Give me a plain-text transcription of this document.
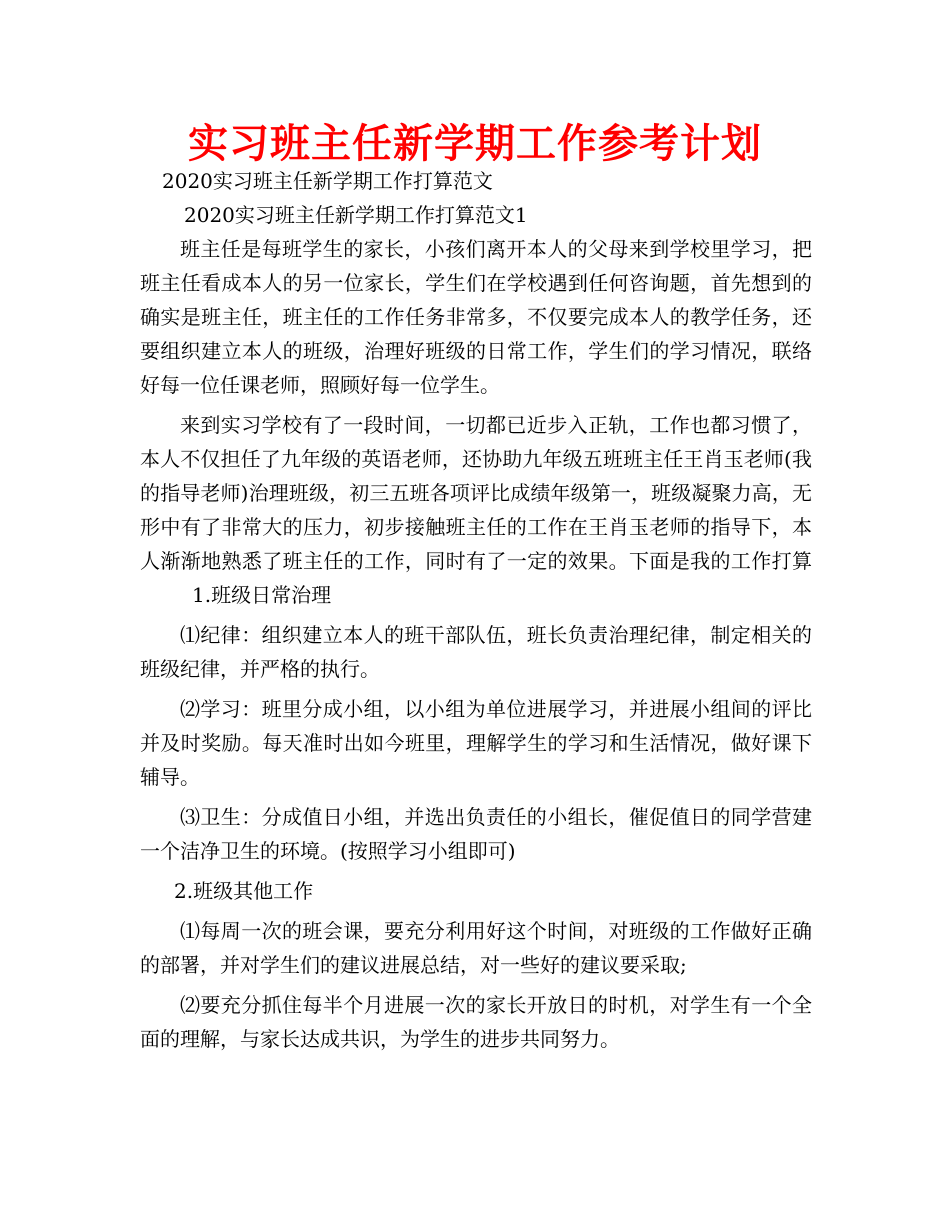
实习班主任新学期工作参考计划

2020实习班主任新学期工作打算范文

2020实习班主任新学期工作打算范文1

班主任是每班学生的家长，小孩们离开本人的父母来到学校里学习，把班主任看成本人的另一位家长，学生们在学校遇到任何咨询题，首先想到的确实是班主任，班主任的工作任务非常多，不仅要完成本人的教学任务，还要组织建立本人的班级，治理好班级的日常工作，学生们的学习情况，联络好每一位任课老师，照顾好每一位学生。

来到实习学校有了一段时间，一切都已近步入正轨，工作也都习惯了，本人不仅担任了九年级的英语老师，还协助九年级五班班主任王肖玉老师(我的指导老师)治理班级，初三五班各项评比成绩年级第一，班级凝聚力高，无形中有了非常大的压力，初步接触班主任的工作在王肖玉老师的指导下，本人渐渐地熟悉了班主任的工作，同时有了一定的效果。下面是我的工作打算1.班级日常治理

⑴纪律：组织建立本人的班干部队伍，班长负责治理纪律，制定相关的班级纪律，并严格的执行。

⑵学习：班里分成小组，以小组为单位进展学习，并进展小组间的评比并及时奖励。每天准时出如今班里，理解学生的学习和生活情况，做好课下辅导。

⑶卫生：分成值日小组，并选出负责任的小组长，催促值日的同学营建一个洁净卫生的环境。(按照学习小组即可)

2.班级其他工作

⑴每周一次的班会课，要充分利用好这个时间，对班级的工作做好正确的部署，并对学生们的建议进展总结，对一些好的建议要采取;

⑵要充分抓住每半个月进展一次的家长开放日的时机，对学生有一个全面的理解，与家长达成共识，为学生的进步共同努力。
